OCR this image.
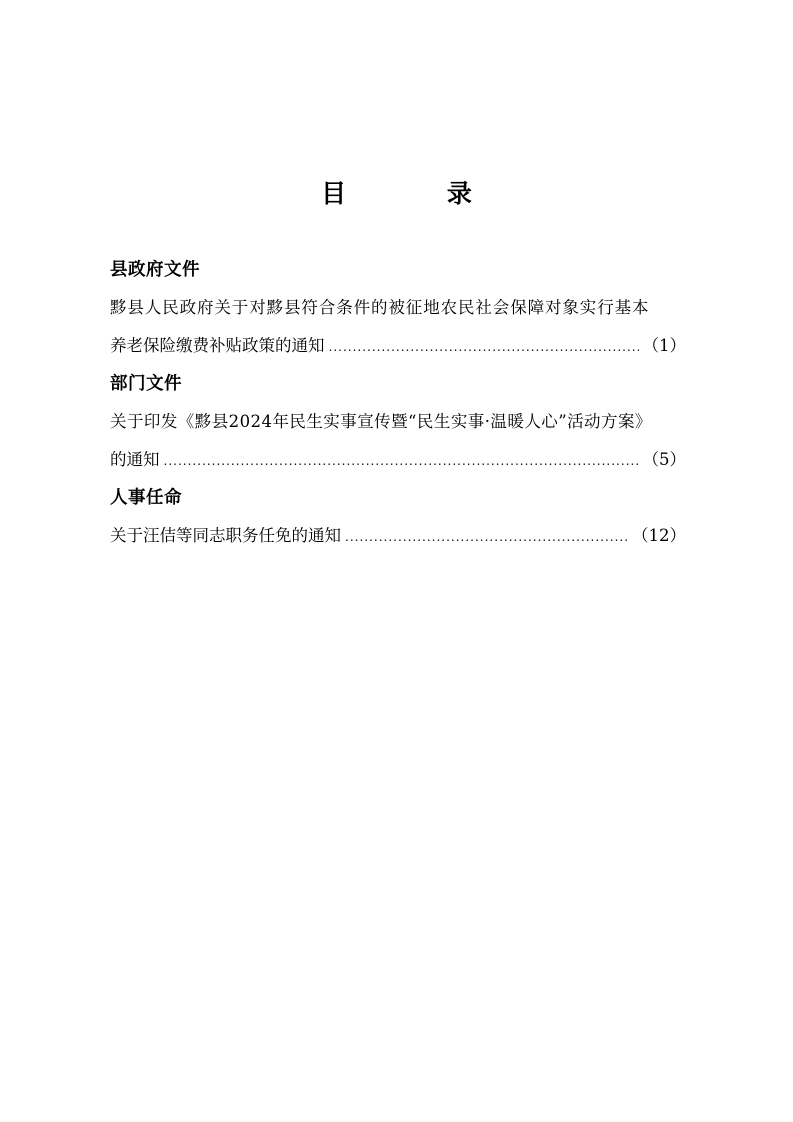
目 录
县政府文件
黟县人民政府关于对黟县符合条件的被征地农民社会保障对象实行基本
养老保险缴费补贴政策的通知 .....	（1）
部门文件
关于印发《黟县2024年民生实事宣传暨“民生实事·温暖人心”活动方案》
的通知 .....	（5）
人事任命
关于汪佶等同志职务任免的通知 .....	（12）
